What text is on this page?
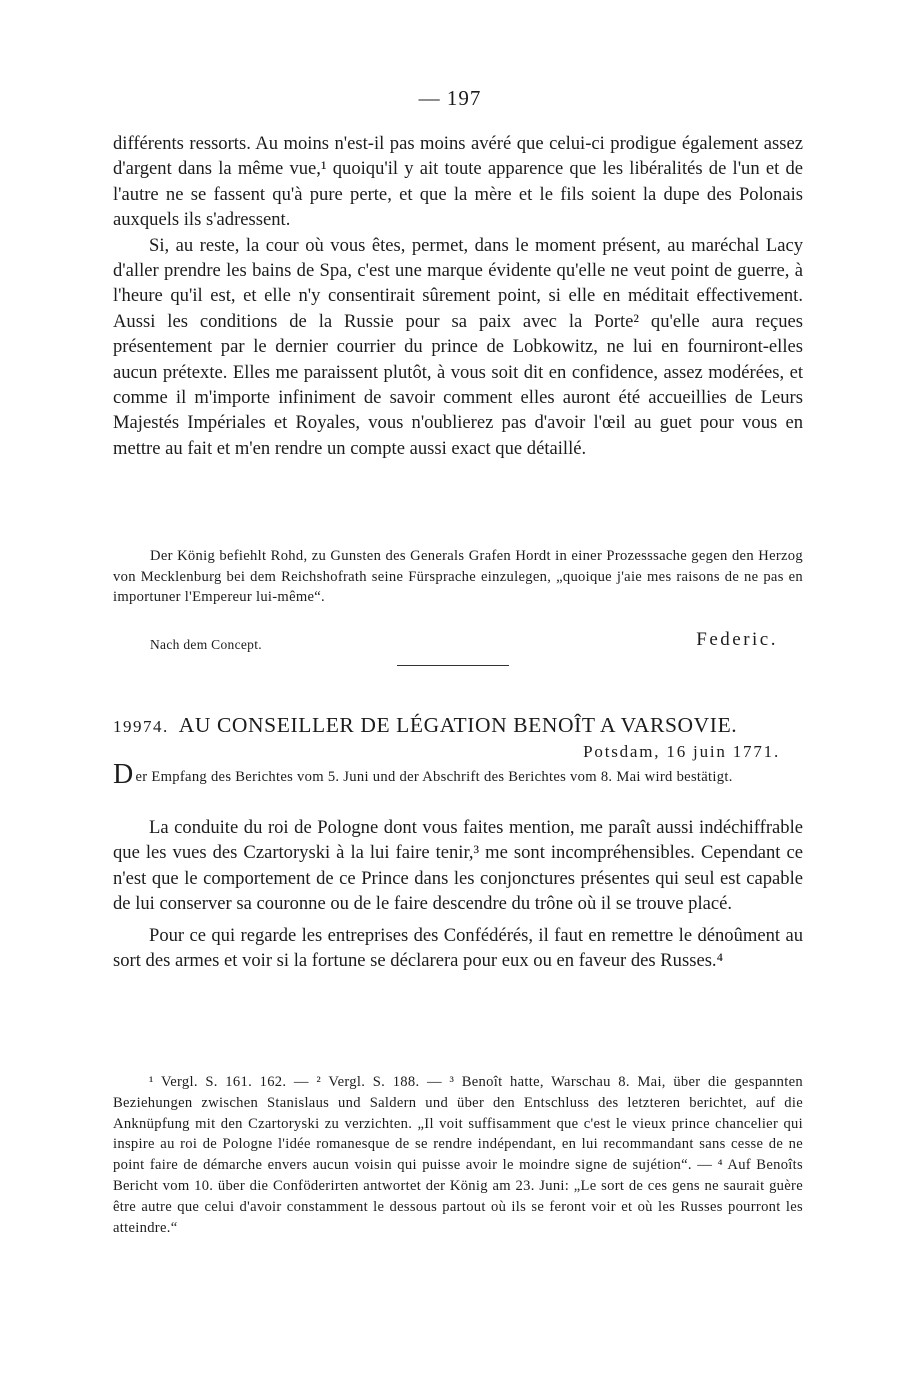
— 197

différents ressorts. Au moins n'est-il pas moins avéré que celui-ci prodigue également assez d'argent dans la même vue,¹ quoiqu'il y ait toute apparence que les libéralités de l'un et de l'autre ne se fassent qu'à pure perte, et que la mère et le fils soient la dupe des Polonais auxquels ils s'adressent.

Si, au reste, la cour où vous êtes, permet, dans le moment présent, au maréchal Lacy d'aller prendre les bains de Spa, c'est une marque évidente qu'elle ne veut point de guerre, à l'heure qu'il est, et elle n'y consentirait sûrement point, si elle en méditait effectivement. Aussi les conditions de la Russie pour sa paix avec la Porte² qu'elle aura reçues présentement par le dernier courrier du prince de Lobkowitz, ne lui en fourniront-elles aucun prétexte. Elles me paraissent plutôt, à vous soit dit en confidence, assez modérées, et comme il m'importe infiniment de savoir comment elles auront été accueillies de Leurs Majestés Impériales et Royales, vous n'oublierez pas d'avoir l'œil au guet pour vous en mettre au fait et m'en rendre un compte aussi exact que détaillé.

Der König befiehlt Rohd, zu Gunsten des Generals Grafen Hordt in einer Prozesssache gegen den Herzog von Mecklenburg bei dem Reichshofrath seine Fürsprache einzulegen, „quoique j'aie mes raisons de ne pas en importuner l'Empereur lui-même“.

Nach dem Concept.	Federic.
19974. AU CONSEILLER DE LÉGATION BENOÎT A VARSOVIE.
Potsdam, 16 juin 1771.
Der Empfang des Berichtes vom 5. Juni und der Abschrift des Berichtes vom 8. Mai wird bestätigt.

La conduite du roi de Pologne dont vous faites mention, me paraît aussi indéchiffrable que les vues des Czartoryski à la lui faire tenir,³ me sont incompréhensibles. Cependant ce n'est que le comportement de ce Prince dans les conjonctures présentes qui seul est capable de lui conserver sa couronne ou de le faire descendre du trône où il se trouve placé.

Pour ce qui regarde les entreprises des Confédérés, il faut en remettre le dénoûment au sort des armes et voir si la fortune se déclarera pour eux ou en faveur des Russes.⁴

¹ Vergl. S. 161. 162. — ² Vergl. S. 188. — ³ Benoît hatte, Warschau 8. Mai, über die gespannten Beziehungen zwischen Stanislaus und Saldern und über den Entschluss des letzteren berichtet, auf die Anknüpfung mit den Czartoryski zu verzichten. „Il voit suffisamment que c'est le vieux prince chancelier qui inspire au roi de Pologne l'idée romanesque de se rendre indépendant, en lui recommandant sans cesse de ne point faire de démarche envers aucun voisin qui puisse avoir le moindre signe de sujétion“. — ⁴ Auf Benoîts Bericht vom 10. über die Conföderirten antwortet der König am 23. Juni: „Le sort de ces gens ne saurait guère être autre que celui d'avoir constamment le dessous partout où ils se feront voir et où les Russes pourront les atteindre.“
